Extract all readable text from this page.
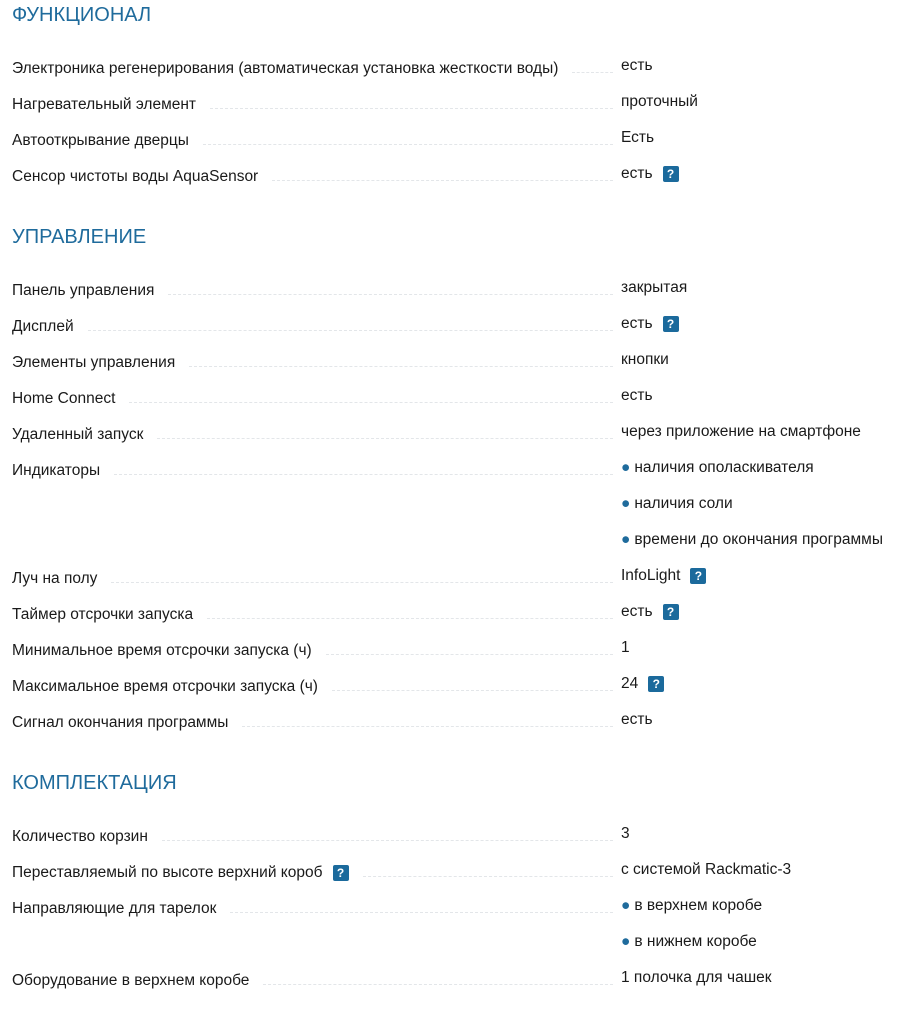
ФУНКЦИОНАЛ
Электроника регенерирования (автоматическая установка жесткости воды)	есть
Нагревательный элемент	проточный
Автооткрывание дверцы	Есть
Сенсор чистоты воды AquaSensor	есть	?
УПРАВЛЕНИЕ
Панель управления	закрытая
Дисплей	есть	?
Элементы управления	кнопки
Home Connect	есть
Удаленный запуск	через приложение на смартфоне
Индикаторы	● наличия ополаскивателя
● наличия соли
● времени до окончания программы
Луч на полу	InfoLight	?
Таймер отсрочки запуска	есть	?
Минимальное время отсрочки запуска (ч)	1
Максимальное время отсрочки запуска (ч)	24	?
Сигнал окончания программы	есть
КОМПЛЕКТАЦИЯ
Количество корзин	3
Переставляемый по высоте верхний короб	?	с системой Rackmatic-3
Направляющие для тарелок	● в верхнем коробе
● в нижнем коробе
Оборудование в верхнем коробе	1 полочка для чашек
